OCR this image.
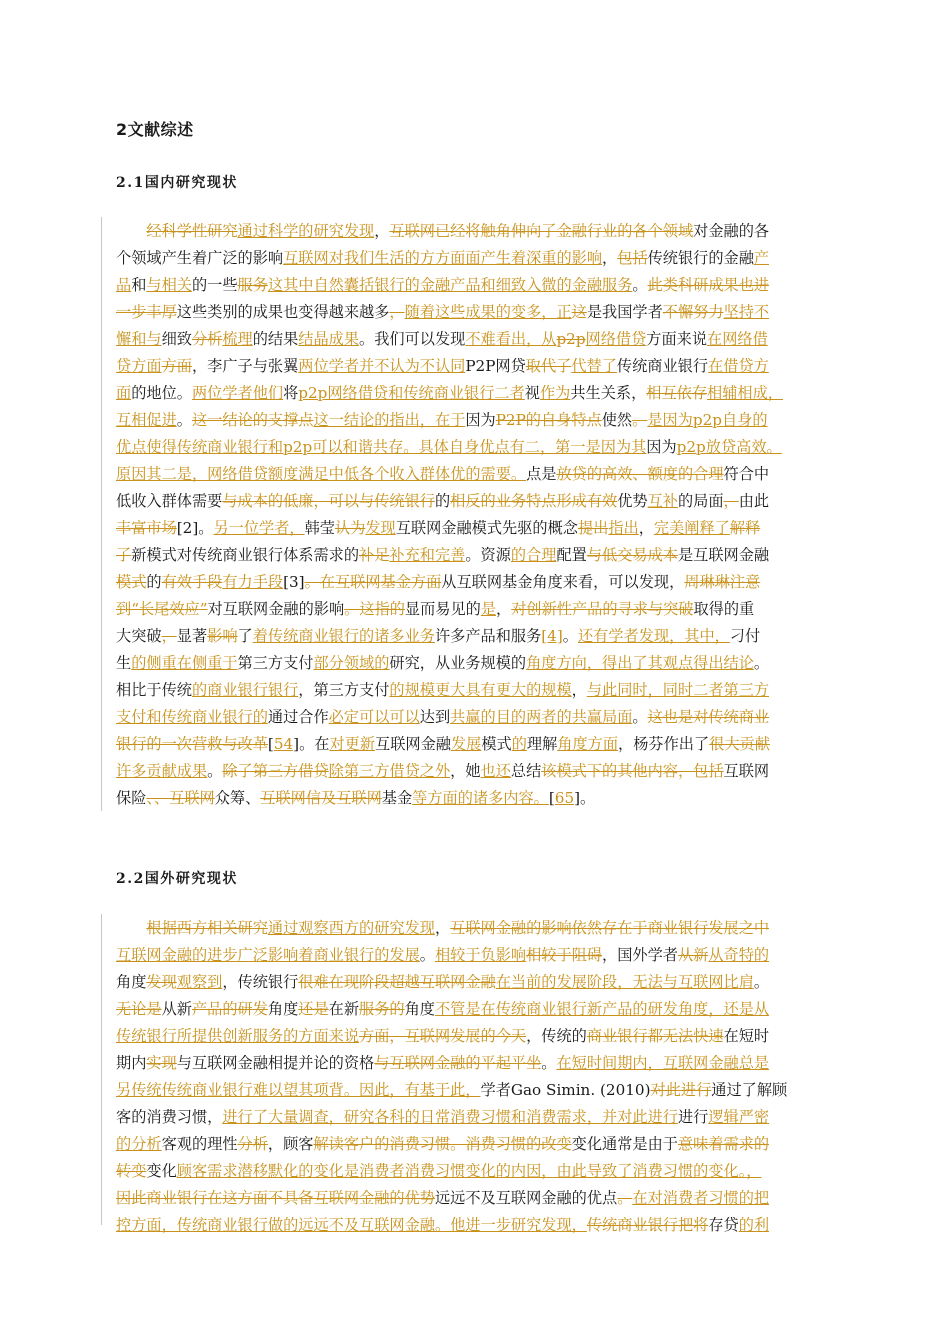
2文献综述
2.1国内研究现状
  经科学性研究通过科学的研究发现，互联网已经将触角伸向了金融行业的各个领域对金融的各
个领域产生着广泛的影响互联网对我们生活的方方面面产生着深重的影响，包括传统银行的金融产
品和与相关的一些服务这其中自然囊括银行的金融产品和细致入微的金融服务。此类科研成果也进
一步丰厚这些类别的成果也变得越来越多，随着这些成果的变多，正这是我国学者不懈努力坚持不
懈和与细致分析梳理的结果结晶成果。我们可以发现不难看出，从p2p网络借贷方面来说在网络借
贷方面方面，李广子与张翼两位学者并不认为不认同P2P网贷取代了代替了传统商业银行在借贷方
面的地位。两位学者他们将p2p网络借贷和传统商业银行二者视作为共生关系，相互依存相辅相成，
互相促进。这一结论的支撑点这一结论的指出，在于因为P2P的自身特点使然。是因为p2p自身的
优点使得传统商业银行和p2p可以和谐共存。具体自身优点有二，第一是因为其因为p2p放贷高效。
原因其二是，网络借贷额度满足中低各个收入群体优的需要。点是放贷的高效、额度的合理符合中
低收入群体需要与成本的低廉，可以与传统银行的相反的业务特点形成有效优势互补的局面，由此
丰富市场[2]。另一位学者，韩莹认为发现互联网金融模式先驱的概念提出指出，完美阐释了解释
了新模式对传统商业银行体系需求的补足补充和完善。资源的合理配置与低交易成本是互联网金融
模式的有效手段有力手段[3]。在互联网基金方面从互联网基金角度来看，可以发现，周琳琳注意
到“长尾效应”对互联网金融的影响。这指的显而易见的是，对创新性产品的寻求与突破取得的重
大突破，显著影响了着传统商业银行的诸多业务许多产品和服务[4]。还有学者发现，其中，刁付
生的侧重在侧重于第三方支付部分领域的研究，从业务规模的角度方向，得出了其观点得出结论。
相比于传统的商业银行银行，第三方支付的规模更大具有更大的规模，与此同时，同时二者第三方
支付和传统商业银行的通过合作必定可以可以达到共赢的目的两者的共赢局面。这也是对传统商业
银行的一次营救与改革[54]。在对更新互联网金融发展模式的理解角度方面，杨芬作出了很大贡献
许多贡献成果。除了第三方借贷除第三方借贷之外，她也还总结该模式下的其他内容，包括互联网
保险、、互联网众筹、互联网信及互联网基金等方面的诸多内容。[65]。
2.2国外研究现状
  根据西方相关研究通过观察西方的研究发现，互联网金融的影响依然存在于商业银行发展之中
互联网金融的进步广泛影响着商业银行的发展。相较于负影响相较于阻碍，国外学者从新从奇特的
角度发现观察到，传统银行很难在现阶段超越互联网金融在当前的发展阶段，无法与互联网比肩。
无论是从新产品的研发角度还是在新服务的角度不管是在传统商业银行新产品的研发角度，还是从
传统银行所提供创新服务的方面来说方面，互联网发展的今天，传统的商业银行都无法快速在短时
期内实现与互联网金融相提并论的资格与互联网金融的平起平坐。在短时间期内，互联网金融总是
另传统传统商业银行难以望其项背。因此，有基于此，学者Gao Simin. (2010)对此进行通过了解顾
客的消费习惯，进行了大量调查，研究各科的日常消费习惯和消费需求，并对此进行进行逻辑严密
的分析客观的理性分析，顾客解读客户的消费习惯。消费习惯的改变变化通常是由于意味着需求的
转变变化顾客需求潜移默化的变化是消费者消费习惯变化的内因，由此导致了消费习惯的变化。，
因此商业银行在这方面不具备互联网金融的优势远远不及互联网金融的优点。在对消费者习惯的把
控方面，传统商业银行做的远远不及互联网金融。他进一步研究发现，传统商业银行把将存贷的利
